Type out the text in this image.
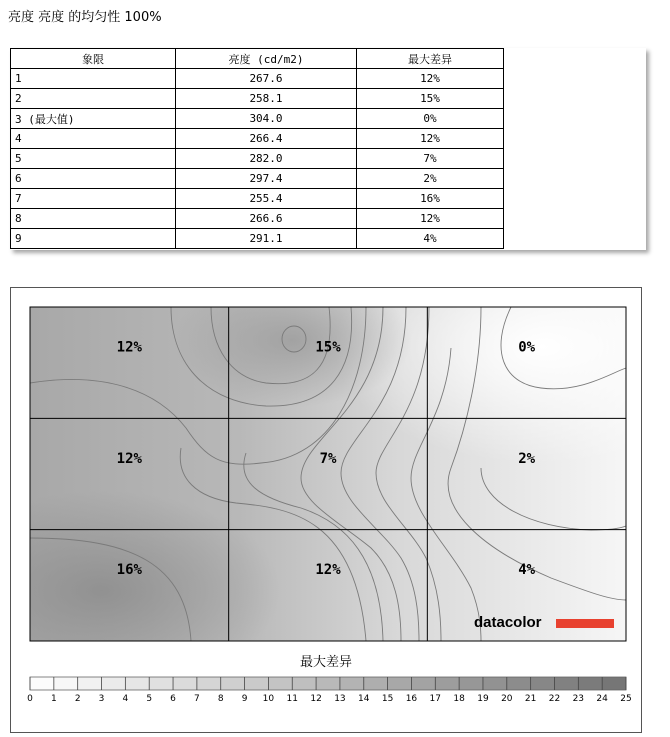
亮度 亮度 的均匀性 100%
象限	亮度 (cd/m2)	最大差异
1	267.6	12%
2	258.1	15%
3 (最大值)	304.0	0%
4	266.4	12%
5	282.0	7%
6	297.4	2%
7	255.4	16%
8	266.6	12%
9	291.1	4%
12%	15%	0%
12%	7%	2%
16%	12%	4%
datacolor
最大差异
0 1 2 3 4 5 6 7 8 9 10 11 12 13 14 15 16 17 18 19 20 21 22 23 24 25
